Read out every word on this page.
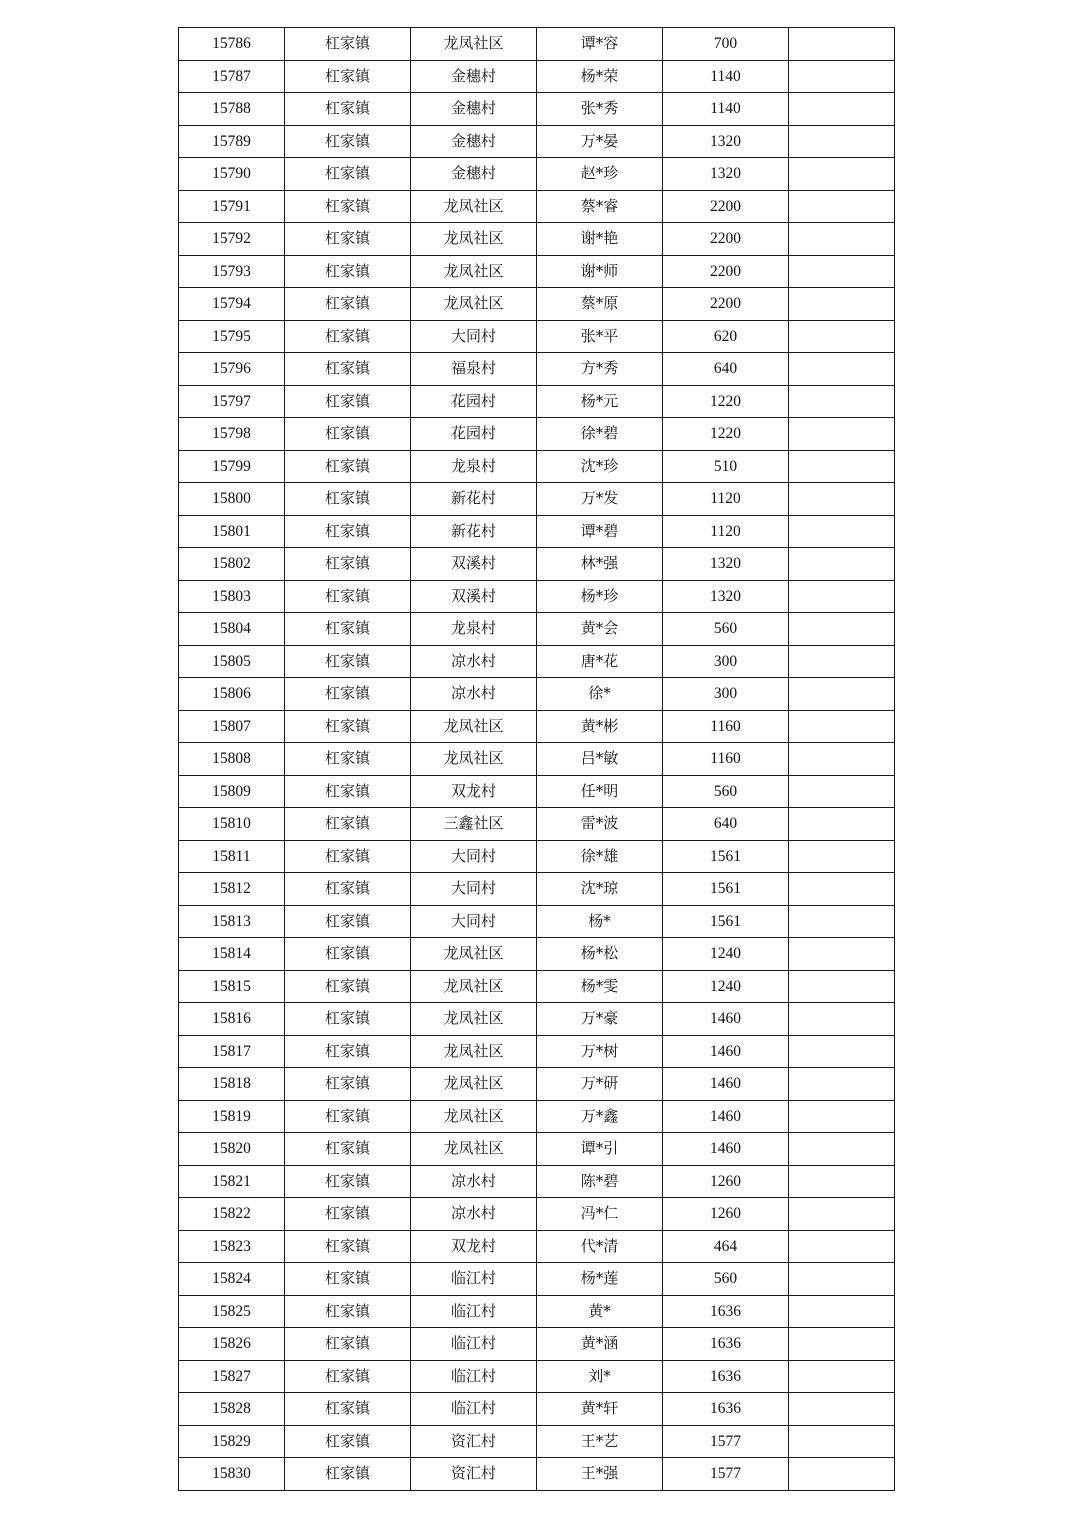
15786	杠家镇	龙凤社区	谭*容	700	
15787	杠家镇	金穗村	杨*荣	1140	
15788	杠家镇	金穗村	张*秀	1140	
15789	杠家镇	金穗村	万*晏	1320	
15790	杠家镇	金穗村	赵*珍	1320	
15791	杠家镇	龙凤社区	蔡*睿	2200	
15792	杠家镇	龙凤社区	谢*艳	2200	
15793	杠家镇	龙凤社区	谢*师	2200	
15794	杠家镇	龙凤社区	蔡*原	2200	
15795	杠家镇	大同村	张*平	620	
15796	杠家镇	福泉村	方*秀	640	
15797	杠家镇	花园村	杨*元	1220	
15798	杠家镇	花园村	徐*碧	1220	
15799	杠家镇	龙泉村	沈*珍	510	
15800	杠家镇	新花村	万*发	1120	
15801	杠家镇	新花村	谭*碧	1120	
15802	杠家镇	双溪村	林*强	1320	
15803	杠家镇	双溪村	杨*珍	1320	
15804	杠家镇	龙泉村	黄*会	560	
15805	杠家镇	凉水村	唐*花	300	
15806	杠家镇	凉水村	徐*	300	
15807	杠家镇	龙凤社区	黄*彬	1160	
15808	杠家镇	龙凤社区	吕*敏	1160	
15809	杠家镇	双龙村	任*明	560	
15810	杠家镇	三鑫社区	雷*波	640	
15811	杠家镇	大同村	徐*雄	1561	
15812	杠家镇	大同村	沈*琼	1561	
15813	杠家镇	大同村	杨*	1561	
15814	杠家镇	龙凤社区	杨*松	1240	
15815	杠家镇	龙凤社区	杨*雯	1240	
15816	杠家镇	龙凤社区	万*豪	1460	
15817	杠家镇	龙凤社区	万*树	1460	
15818	杠家镇	龙凤社区	万*研	1460	
15819	杠家镇	龙凤社区	万*鑫	1460	
15820	杠家镇	龙凤社区	谭*引	1460	
15821	杠家镇	凉水村	陈*碧	1260	
15822	杠家镇	凉水村	冯*仁	1260	
15823	杠家镇	双龙村	代*清	464	
15824	杠家镇	临江村	杨*莲	560	
15825	杠家镇	临江村	黄*	1636	
15826	杠家镇	临江村	黄*涵	1636	
15827	杠家镇	临江村	刘*	1636	
15828	杠家镇	临江村	黄*轩	1636	
15829	杠家镇	资汇村	王*艺	1577	
15830	杠家镇	资汇村	王*强	1577	
